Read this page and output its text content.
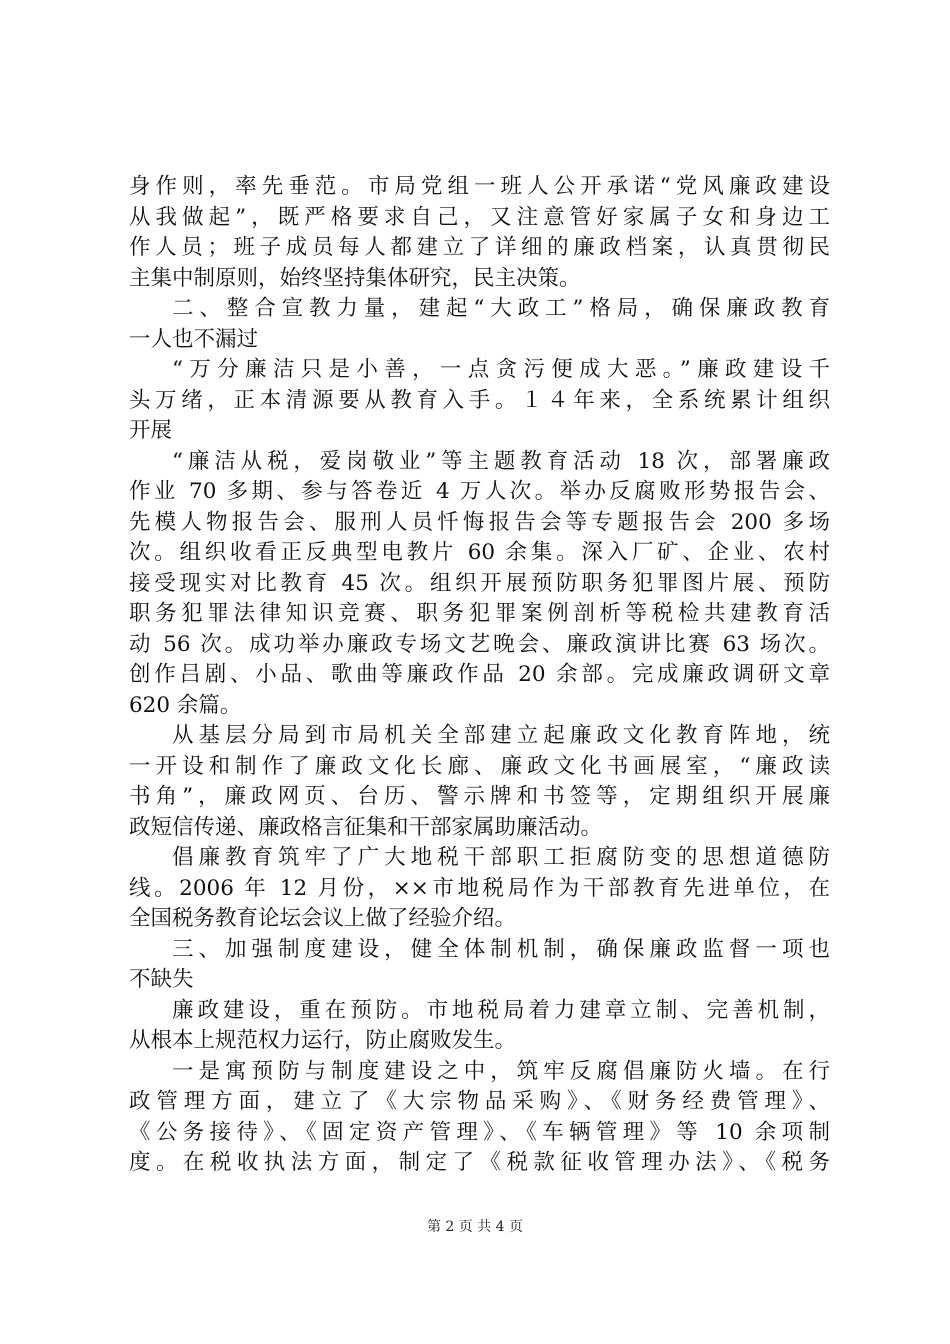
身作则，率先垂范。市局党组一班人公开承诺“党风廉政建设
从我做起”，既严格要求自己，又注意管好家属子女和身边工
作人员；班子成员每人都建立了详细的廉政档案，认真贯彻民
主集中制原则，始终坚持集体研究，民主决策。
二、整合宣教力量，建起“大政工”格局，确保廉政教育
一人也不漏过
“万分廉洁只是小善，一点贪污便成大恶。”廉政建设千
头万绪，正本清源要从教育入手。１４年来，全系统累计组织
开展
“廉洁从税，爱岗敬业”等主题教育活动 18 次，部署廉政
作业 70 多期、参与答卷近 4 万人次。举办反腐败形势报告会、
先模人物报告会、服刑人员忏悔报告会等专题报告会 200 多场
次。组织收看正反典型电教片 60 余集。深入厂矿、企业、农村
接受现实对比教育 45 次。组织开展预防职务犯罪图片展、预防
职务犯罪法律知识竞赛、职务犯罪案例剖析等税检共建教育活
动 56 次。成功举办廉政专场文艺晚会、廉政演讲比赛 63 场次。
创作吕剧、小品、歌曲等廉政作品 20 余部。完成廉政调研文章
620 余篇。
从基层分局到市局机关全部建立起廉政文化教育阵地，统
一开设和制作了廉政文化长廊、廉政文化书画展室，“廉政读
书角”，廉政网页、台历、警示牌和书签等，定期组织开展廉
政短信传递、廉政格言征集和干部家属助廉活动。
倡廉教育筑牢了广大地税干部职工拒腐防变的思想道德防
线。2006 年 12 月份，××市地税局作为干部教育先进单位，在
全国税务教育论坛会议上做了经验介绍。
三、加强制度建设，健全体制机制，确保廉政监督一项也
不缺失
廉政建设，重在预防。市地税局着力建章立制、完善机制，
从根本上规范权力运行，防止腐败发生。
一是寓预防与制度建设之中，筑牢反腐倡廉防火墙。在行
政管理方面，建立了《大宗物品采购》、《财务经费管理》、
《公务接待》、《固定资产管理》、《车辆管理》等 10 余项制
度。在税收执法方面，制定了《税款征收管理办法》、《税务
第 2 页 共 4 页
